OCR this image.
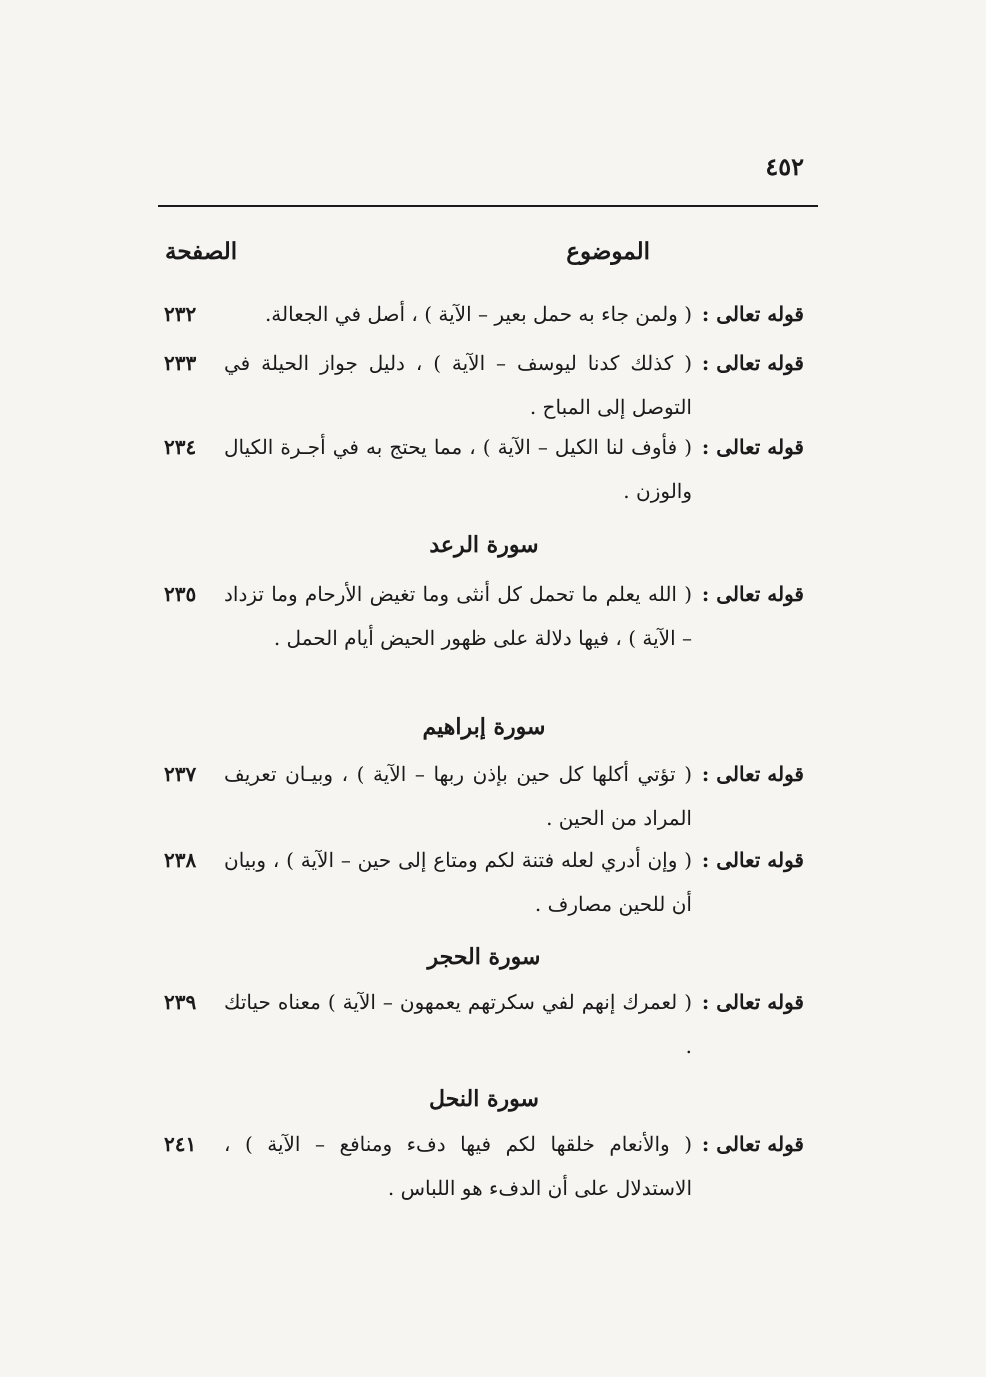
٤٥٢
الموضوع
الصفحة
قوله تعالى :
( ولمن جاء به حمل بعير – الآية ) ، أصل في الجعالة.
٢٣٢
قوله تعالى :
( كذلك كدنا ليوسف – الآية ) ، دليل جواز الحيلة في التوصل إلى المباح .
٢٣٣
قوله تعالى :
( فأوف لنا الكيل – الآية ) ، مما يحتج به في أجـرة الكيال والوزن .
٢٣٤
سورة الرعد
قوله تعالى :
( الله يعلم ما تحمل كل أنثى وما تغيض الأرحام وما تزداد – الآية ) ، فيها دلالة على ظهور الحيض أيام الحمل .
٢٣٥
سورة إبراهيم
قوله تعالى :
( تؤتي أكلها كل حين بإذن ربها – الآية ) ، وبيـان تعريف المراد من الحين .
٢٣٧
قوله تعالى :
( وإن أدري لعله فتنة لكم ومتاع إلى حين – الآية ) ، وبيان أن للحين مصارف .
٢٣٨
سورة الحجر
قوله تعالى :
( لعمرك إنهم لفي سكرتهم يعمهون – الآية ) معناه حياتك .
٢٣٩
سورة النحل
قوله تعالى :
( والأنعام خلقها لكم فيها دفء ومنافع – الآية ) ، الاستدلال على أن الدفء هو اللباس .
٢٤١
